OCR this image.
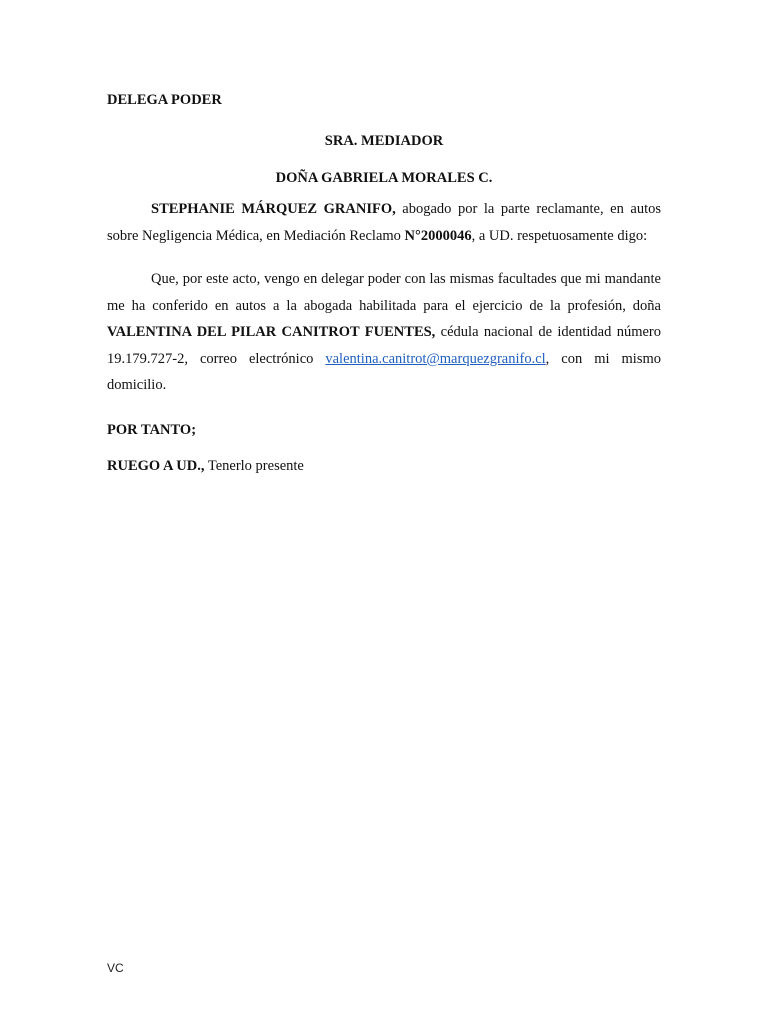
DELEGA PODER

SRA. MEDIADOR

DOÑA GABRIELA MORALES C.

STEPHANIE MÁRQUEZ GRANIFO, abogado por la parte reclamante, en autos sobre Negligencia Médica, en Mediación Reclamo N°2000046, a UD. respetuosamente digo:

Que, por este acto, vengo en delegar poder con las mismas facultades que mi mandante me ha conferido en autos a la abogada habilitada para el ejercicio de la profesión, doña VALENTINA DEL PILAR CANITROT FUENTES, cédula nacional de identidad número 19.179.727-2, correo electrónico valentina.canitrot@marquezgranifo.cl, con mi mismo domicilio.

POR TANTO;

RUEGO A UD., Tenerlo presente

VC
